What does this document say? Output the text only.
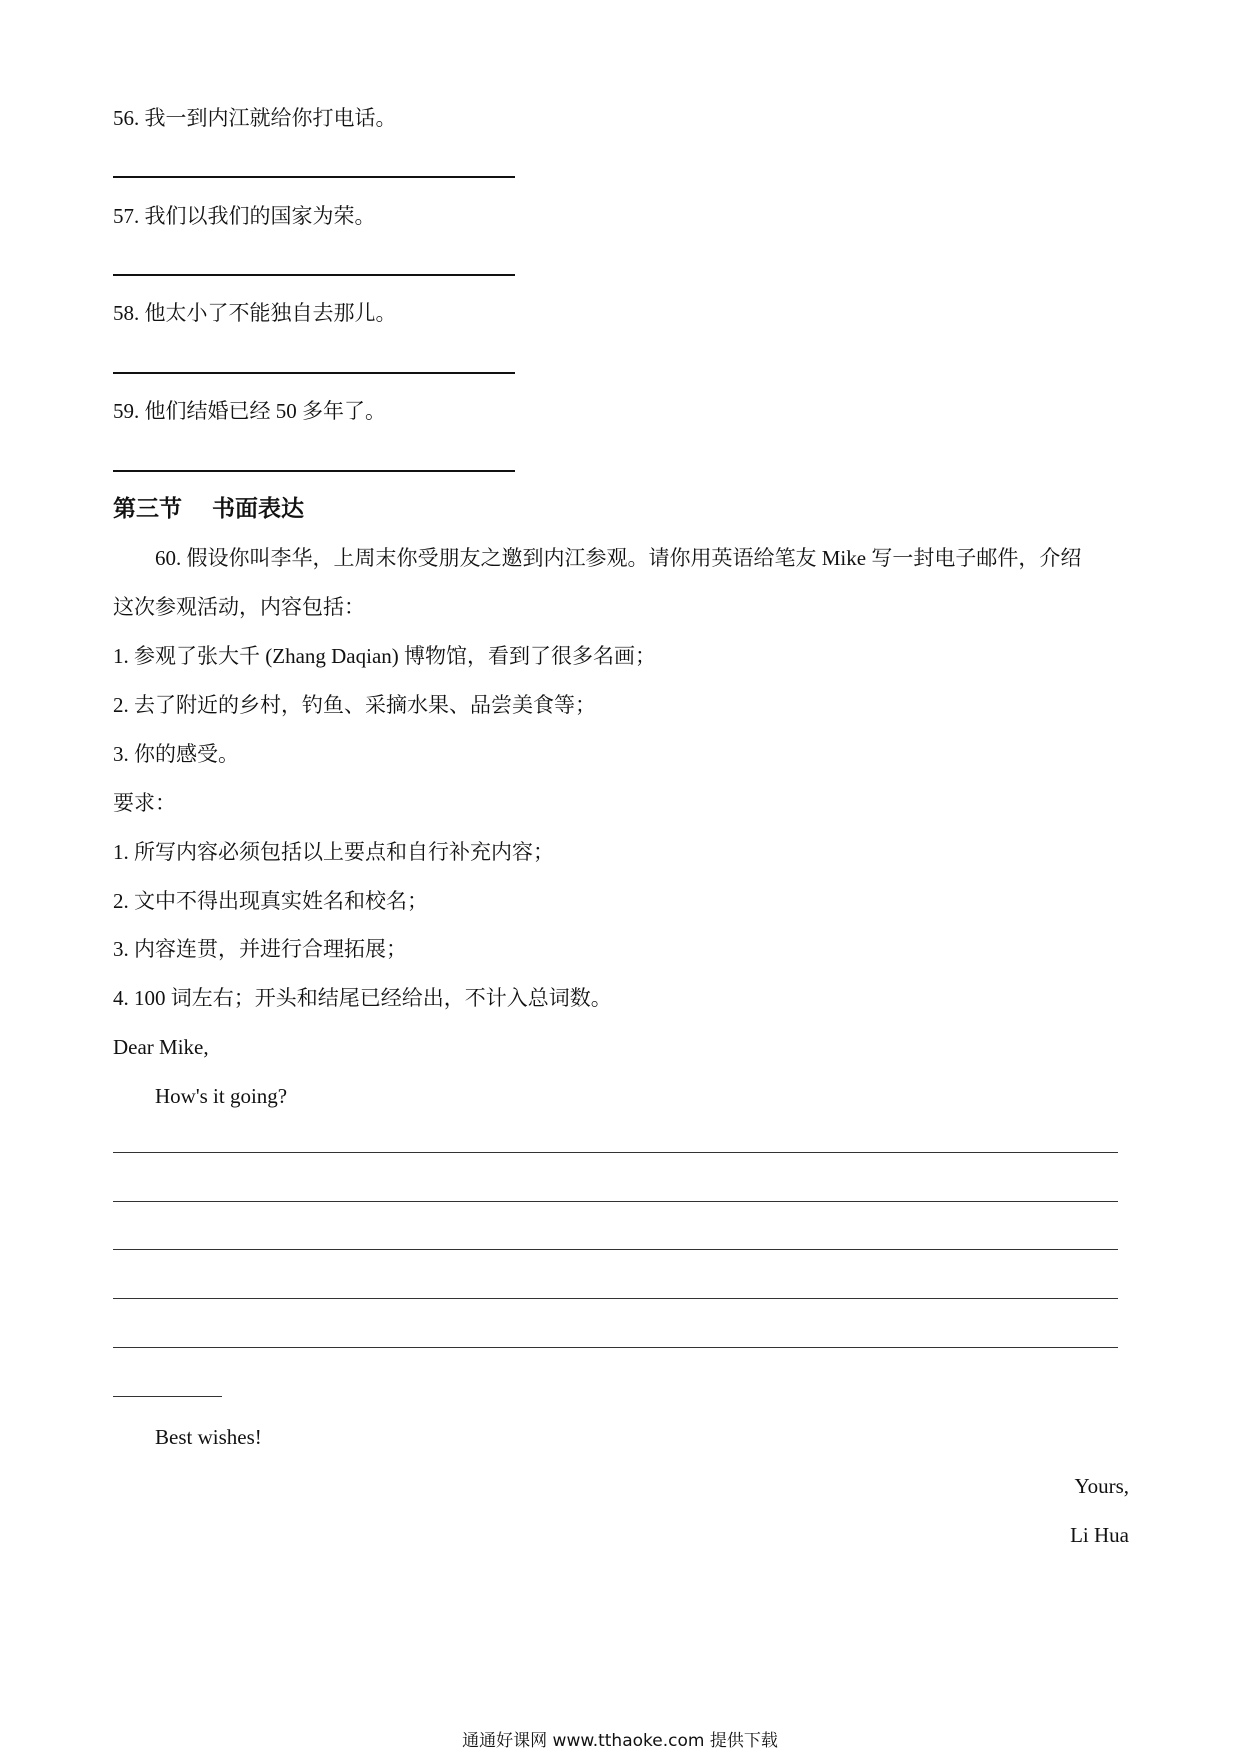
56. 我一到内江就给你打电话。
57. 我们以我们的国家为荣。
58. 他太小了不能独自去那儿。
59. 他们结婚已经 50 多年了。
第三节 书面表达
60. 假设你叫李华，上周末你受朋友之邀到内江参观。请你用英语给笔友 Mike 写一封电子邮件，介绍
这次参观活动，内容包括：
1. 参观了张大千 (Zhang Daqian) 博物馆，看到了很多名画；
2. 去了附近的乡村，钓鱼、采摘水果、品尝美食等；
3. 你的感受。
要求：
1. 所写内容必须包括以上要点和自行补充内容；
2. 文中不得出现真实姓名和校名；
3. 内容连贯，并进行合理拓展；
4. 100 词左右；开头和结尾已经给出，不计入总词数。
Dear Mike,
How's it going?
Best wishes!
Yours,
Li Hua
通通好课网 www.tthaoke.com 提供下载
